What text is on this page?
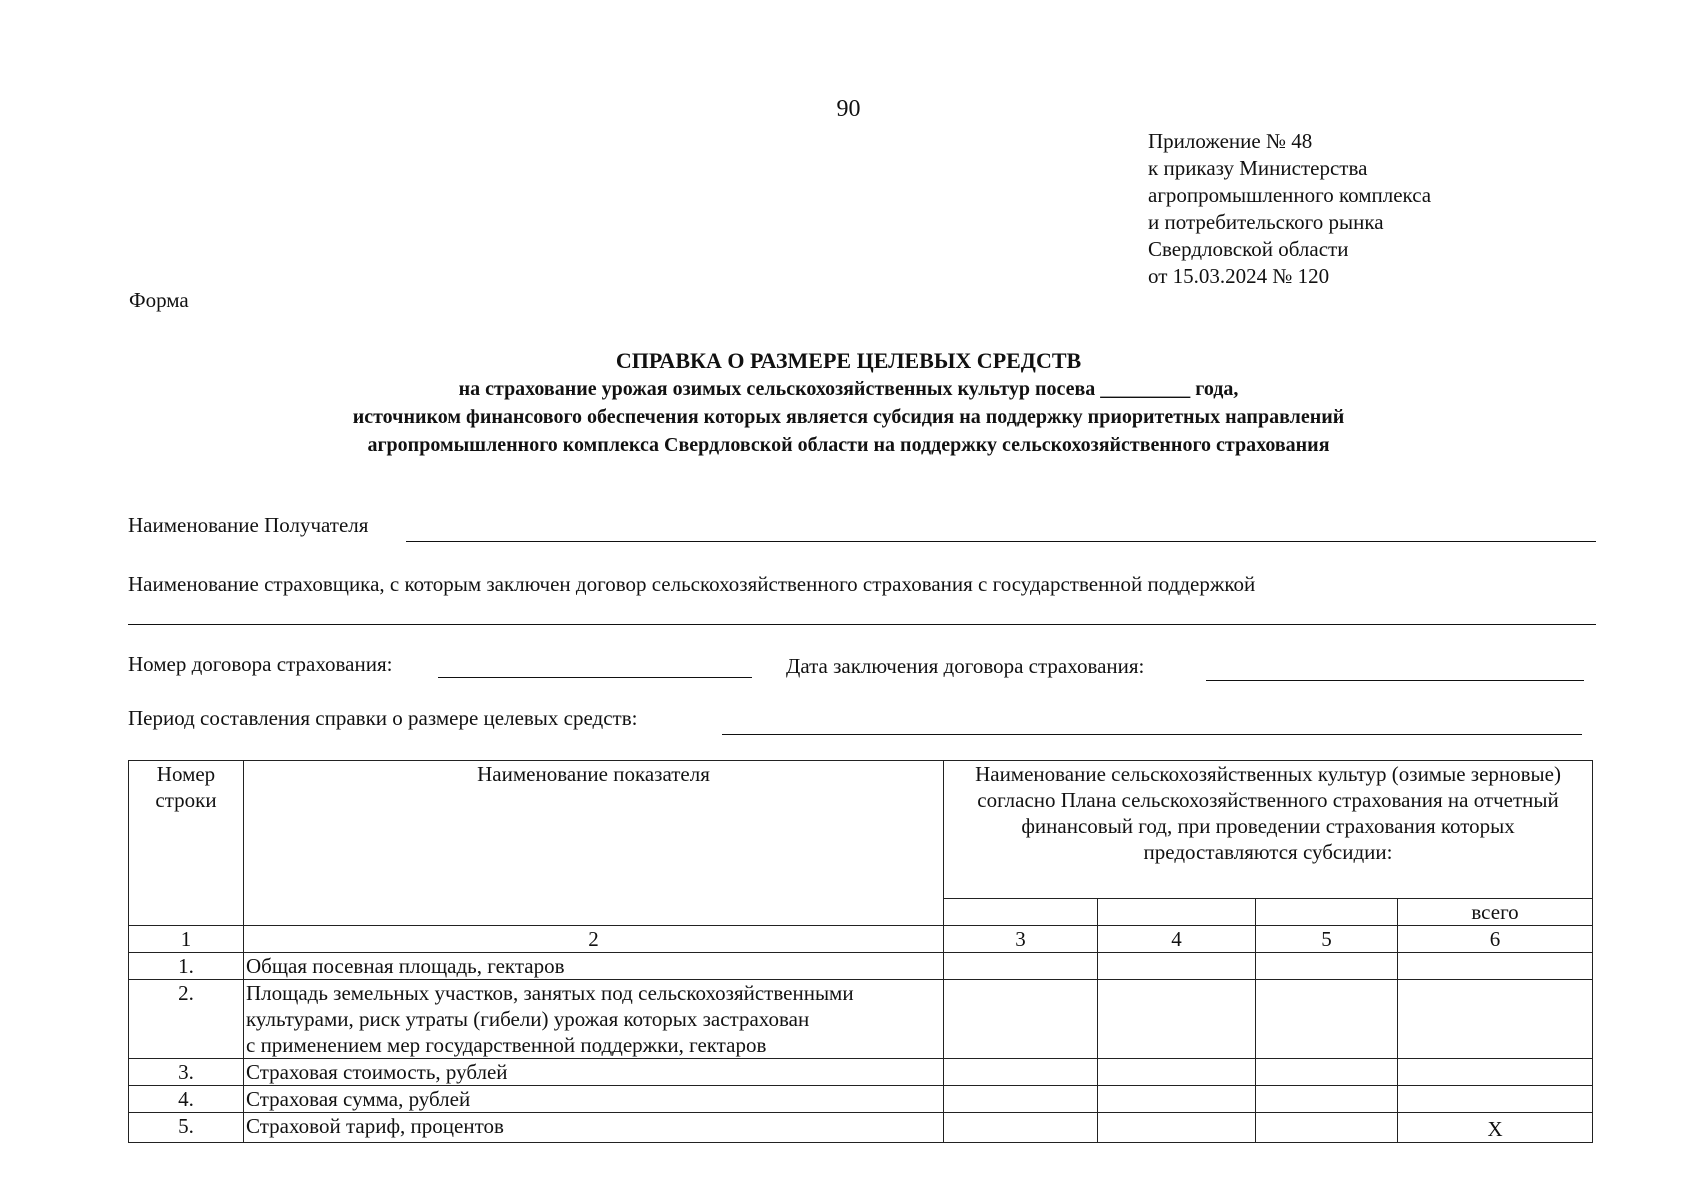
90
Приложение № 48
к приказу Министерства
агропромышленного комплекса
и потребительского рынка
Свердловской области
от 15.03.2024 № 120
Форма
СПРАВКА О РАЗМЕРЕ ЦЕЛЕВЫХ СРЕДСТВ
на страхование урожая озимых сельскохозяйственных культур посева _________ года,
источником финансового обеспечения которых является субсидия на поддержку приоритетных направлений
агропромышленного комплекса Свердловской области на поддержку сельскохозяйственного страхования
Наименование Получателя
Наименование страховщика, с которым заключен договор сельскохозяйственного страхования с государственной поддержкой
Номер договора страхования:	Дата заключения договора страхования:
Период составления справки о размере целевых средств:
Номер строки	Наименование показателя	Наименование сельскохозяйственных культур (озимые зерновые) согласно Плана сельскохозяйственного страхования на отчетный финансовый год, при проведении страхования которых предоставляются субсидии:			
					всего
1	2	3	4	5	6
1.	Общая посевная площадь, гектаров				
2.	Площадь земельных участков, занятых под сельскохозяйственными
культурами, риск утраты (гибели) урожая которых застрахован
с применением мер государственной поддержки, гектаров				

3.	Страховая стоимость, рублей				
4.	Страховая сумма, рублей				
5.	Страховой тариф, процентов				Х
